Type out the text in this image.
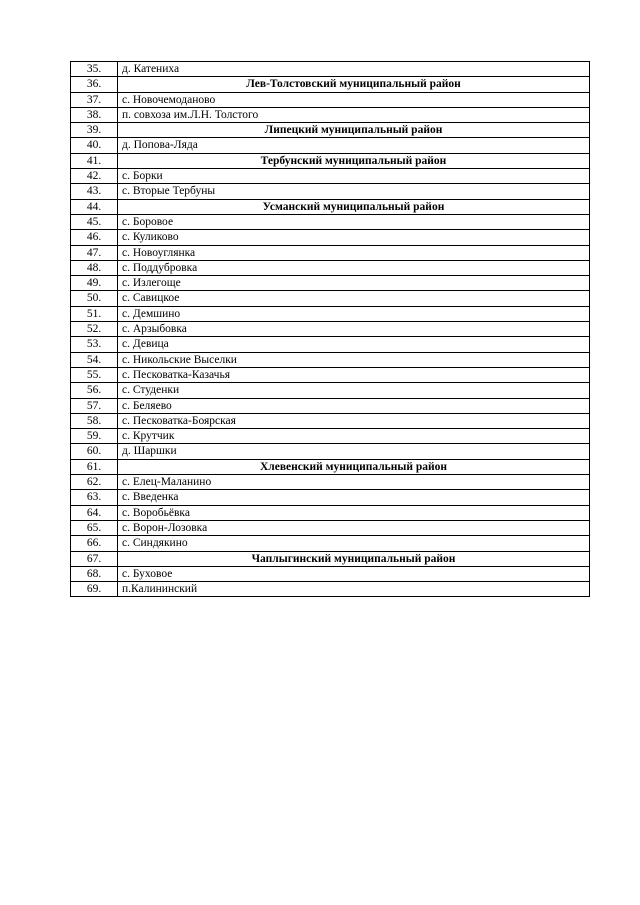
35.	д. Катениха
36.	Лев-Толстовский муниципальный район
37.	с. Новочемоданово
38.	п. совхоза им.Л.Н. Толстого
39.	Липецкий муниципальный район
40.	д. Попова-Ляда
41.	Тербунский муниципальный район
42.	с. Борки
43.	с. Вторые Тербуны
44.	Усманский муниципальный район
45.	с. Боровое
46.	с. Куликово
47.	с. Новоуглянка
48.	с. Поддубровка
49.	с. Излегоще
50.	с. Савицкое
51.	с. Демшино
52.	с. Арзыбовка
53.	с. Девица
54.	с. Никольские Выселки
55.	с. Песковатка-Казачья
56.	с. Студенки
57.	с. Беляево
58.	с. Песковатка-Боярская
59.	с. Крутчик
60.	д. Шаршки
61.	Хлевенский муниципальный район
62.	с. Елец-Маланино
63.	с. Введенка
64.	с. Воробьёвка
65.	с. Ворон-Лозовка
66.	с. Синдякино
67.	Чаплыгинский муниципальный район
68.	с. Буховое
69.	п.Калининский
